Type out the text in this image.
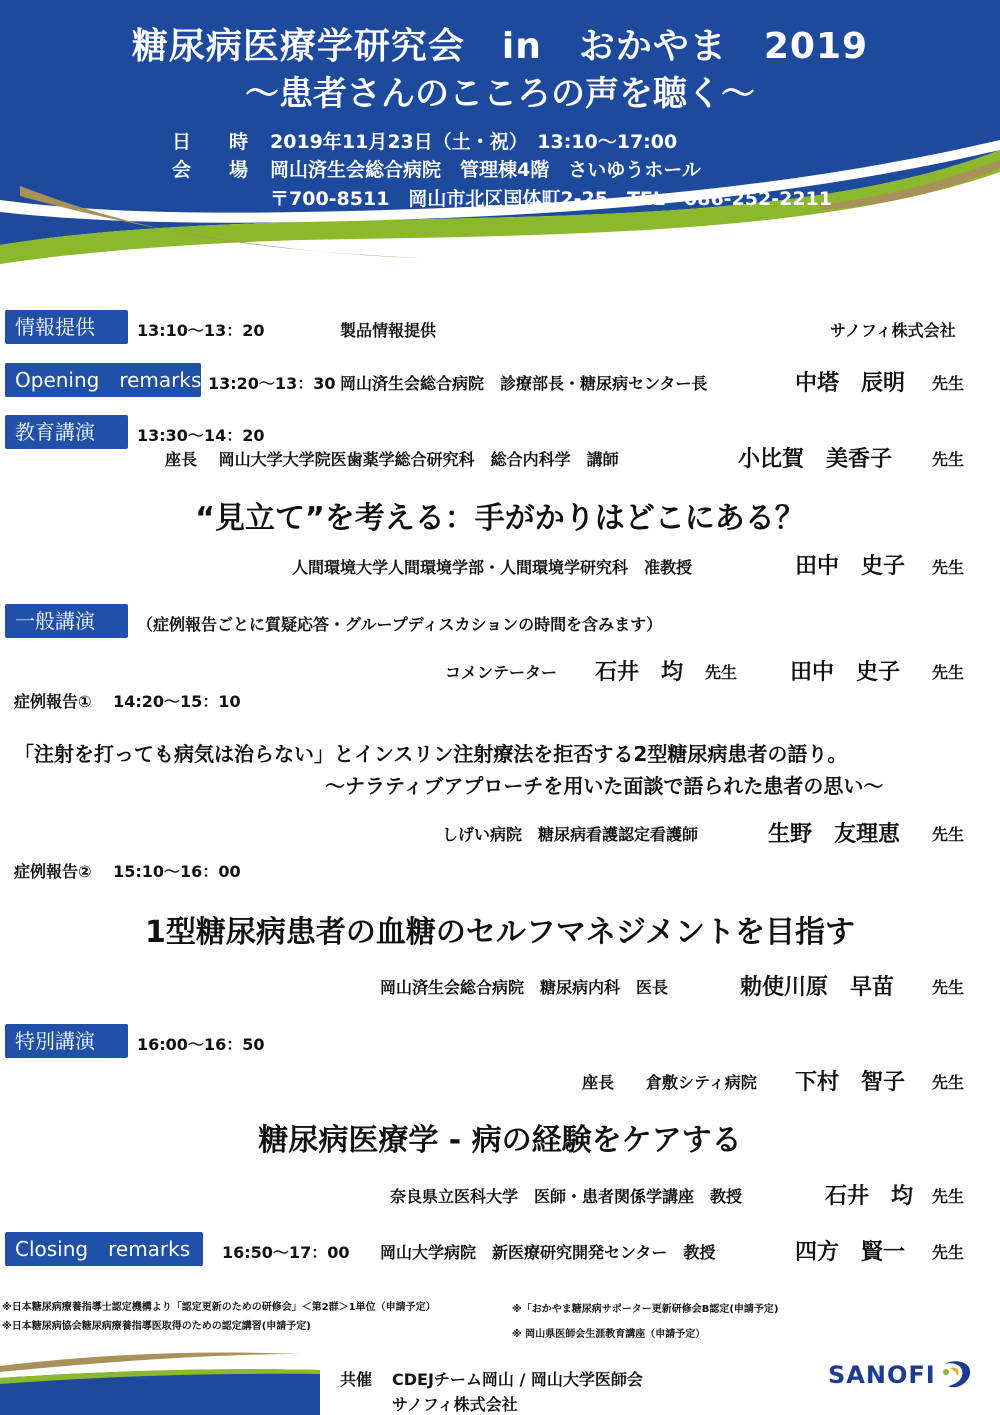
糖尿病医療学研究会　in　おかやま　2019
～患者さんのこころの声を聴く～
日　　時 2019年11月23日（土・祝）　13:10～17:00
会　　場 岡山済生会総合病院　管理棟4階　さいゆうホール
〒700-8511　岡山市北区国体町2-25　TEL　086-252-2211
情報提供	13:10～13：20	製品情報提供	サノフィ株式会社
Opening　remarks 13:20～13：30 岡山済生会総合病院　診療部長・糖尿病センター長	中塔　辰明 先生
教育講演	13:30～14：20
座長　 岡山大学大学院医歯薬学総合研究科　総合内科学　講師	小比賀　美香子 先生
“見立て”を考える：手がかりはどこにある？
人間環境大学人間環境学部・人間環境学研究科　准教授	田中　史子 先生
一般講演	（症例報告ごとに質疑応答・グループディスカションの時間を含みます）
コメンテーター 石井　均 先生 田中　史子 先生
症例報告①　 14:20～15：10
「注射を打っても病気は治らない」とインスリン注射療法を拒否する2型糖尿病患者の語り。
～ナラティブアプローチを用いた面談で語られた患者の思い～
しげい病院　糖尿病看護認定看護師	生野　友理恵 先生
症例報告②　 15:10～16：00
1型糖尿病患者の血糖のセルフマネジメントを目指す
岡山済生会総合病院　糖尿病内科　医長	勅使川原　早苗 先生
特別講演	16:00～16：50
座長　　倉敷シティ病院 下村　智子 先生
糖尿病医療学 - 病の経験をケアする
奈良県立医科大学　医師・患者関係学講座　教授	石井　均 先生
Closing　remarks	16:50～17：00 岡山大学病院　新医療研究開発センター　教授	四方　賢一 先生
※日本糖尿病療養指導士認定機構より「認定更新のための研修会」＜第2群＞1単位（申請予定）
※日本糖尿病協会糖尿病療養指導医取得のための認定講習(申請予定)
※「おかやま糖尿病サポーター更新研修会B認定(申請予定)
※ 岡山県医師会生涯教育講座（申請予定）
共催 CDEJチーム岡山 / 岡山大学医師会
サノフィ株式会社
SANOFI
